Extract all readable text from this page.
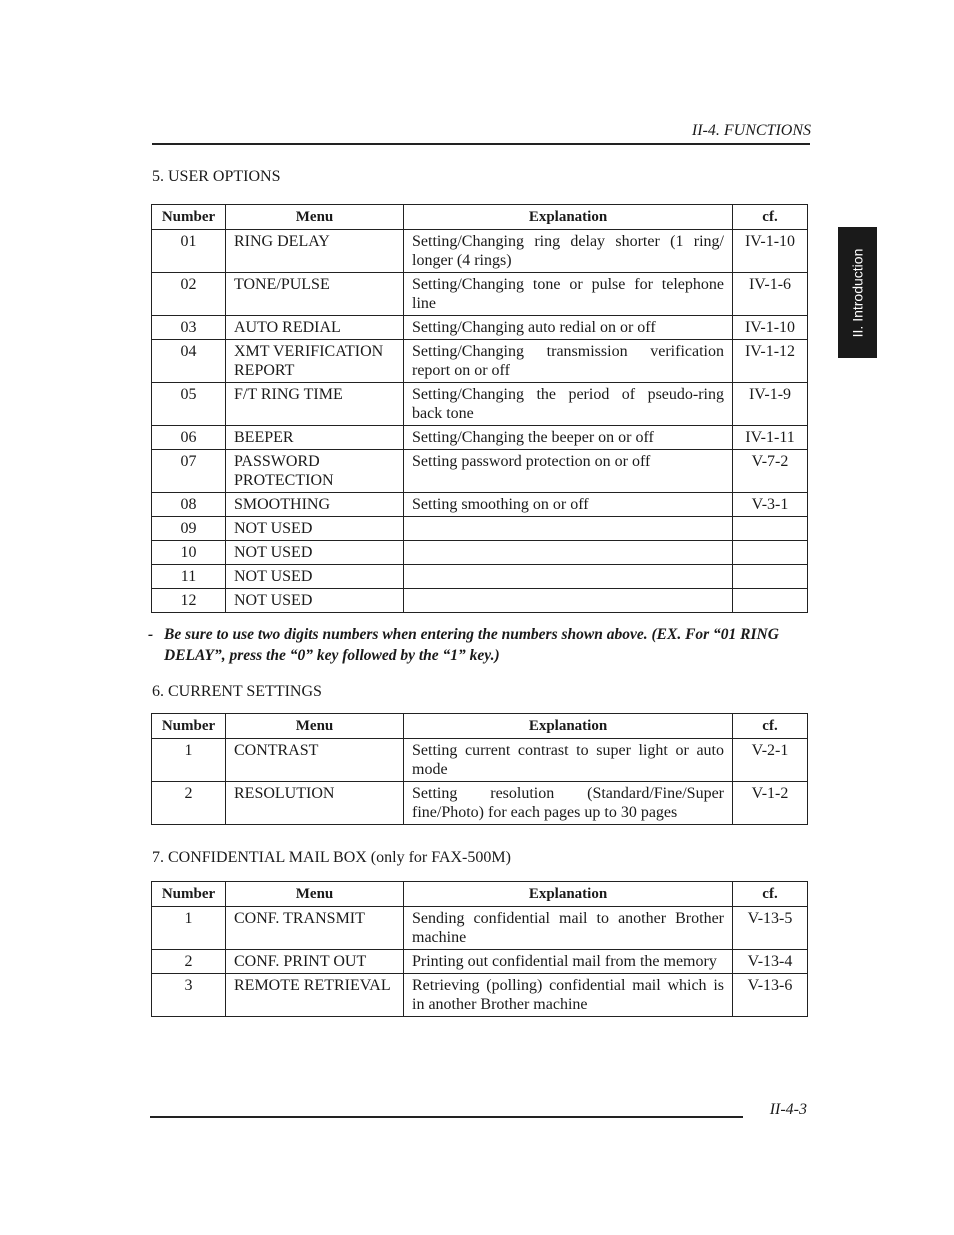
II-4. FUNCTIONS
II. Introduction
5. USER OPTIONS
Number	Menu	Explanation	cf.
01	RING DELAY	Setting/Changing ring delay shorter (1 ring/ longer (4 rings)	IV-1-10
02	TONE/PULSE	Setting/Changing tone or pulse for telephone line	IV-1-6
03	AUTO REDIAL	Setting/Changing auto redial on or off	IV-1-10
04	XMT VERIFICATION REPORT	Setting/Changing transmission verification report on or off	IV-1-12
05	F/T RING TIME	Setting/Changing the period of pseudo-ring back tone	IV-1-9
06	BEEPER	Setting/Changing the beeper on or off	IV-1-11
07	PASSWORD PROTECTION	Setting password protection on or off	V-7-2
08	SMOOTHING	Setting smoothing on or off	V-3-1
09	NOT USED		
10	NOT USED		
11	NOT USED		
12	NOT USED		
- Be sure to use two digits numbers when entering the numbers shown above. (EX. For “01 RING DELAY”, press the “0” key followed by the “1” key.)
6. CURRENT SETTINGS
Number	Menu	Explanation	cf.
1	CONTRAST	Setting current contrast to super light or auto mode	V-2-1
2	RESOLUTION	Setting resolution (Standard/Fine/Super fine/Photo) for each pages up to 30 pages	V-1-2
7. CONFIDENTIAL MAIL BOX (only for FAX-500M)
Number	Menu	Explanation	cf.
1	CONF. TRANSMIT	Sending confidential mail to another Brother machine	V-13-5
2	CONF. PRINT OUT	Printing out confidential mail from the memory	V-13-4
3	REMOTE RETRIEVAL	Retrieving (polling) confidential mail which is in another Brother machine	V-13-6
II-4-3
